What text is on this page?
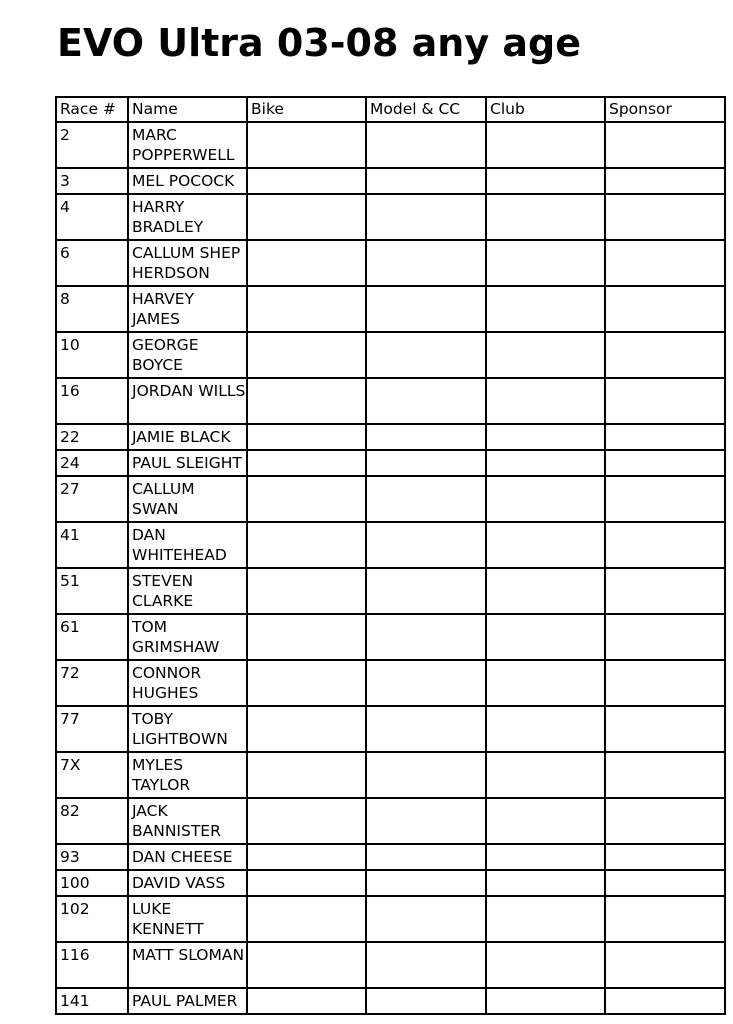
EVO Ultra 03-08 any age
Race #	Name	Bike	Model & CC	Club	Sponsor
2	MARC POPPERWELL				
3	MEL POCOCK				
4	HARRY BRADLEY				
6	CALLUM SHEP HERDSON				
8	HARVEY JAMES				
10	GEORGE BOYCE				
16	JORDAN WILLS				
22	JAMIE BLACK				
24	PAUL SLEIGHT				
27	CALLUM SWAN				
41	DAN WHITEHEAD				
51	STEVEN CLARKE				
61	TOM GRIMSHAW				
72	CONNOR HUGHES				
77	TOBY LIGHTBOWN				
7X	MYLES TAYLOR				
82	JACK BANNISTER				
93	DAN CHEESE				
100	DAVID VASS				
102	LUKE KENNETT				
116	MATT SLOMAN				
141	PAUL PALMER				
